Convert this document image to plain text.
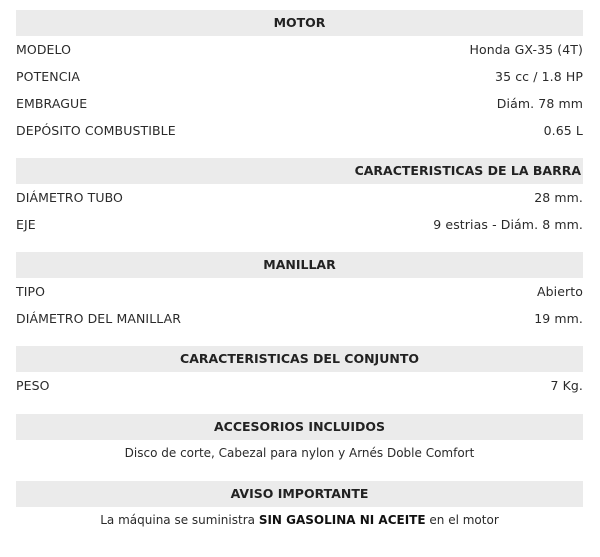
MOTOR
MODELO	Honda GX-35 (4T)
POTENCIA	35 cc / 1.8 HP
EMBRAGUE	Diám. 78 mm
DEPÓSITO COMBUSTIBLE	0.65 L
CARACTERISTICAS DE LA BARRA
DIÁMETRO TUBO	28 mm.
EJE	9 estrias - Diám. 8 mm.
MANILLAR
TIPO	Abierto
DIÁMETRO DEL MANILLAR	19 mm.
CARACTERISTICAS DEL CONJUNTO
PESO	7 Kg.
ACCESORIOS INCLUIDOS
Disco de corte, Cabezal para nylon y Arnés Doble Comfort
AVISO IMPORTANTE
La máquina se suministra SIN GASOLINA NI ACEITE en el motor
